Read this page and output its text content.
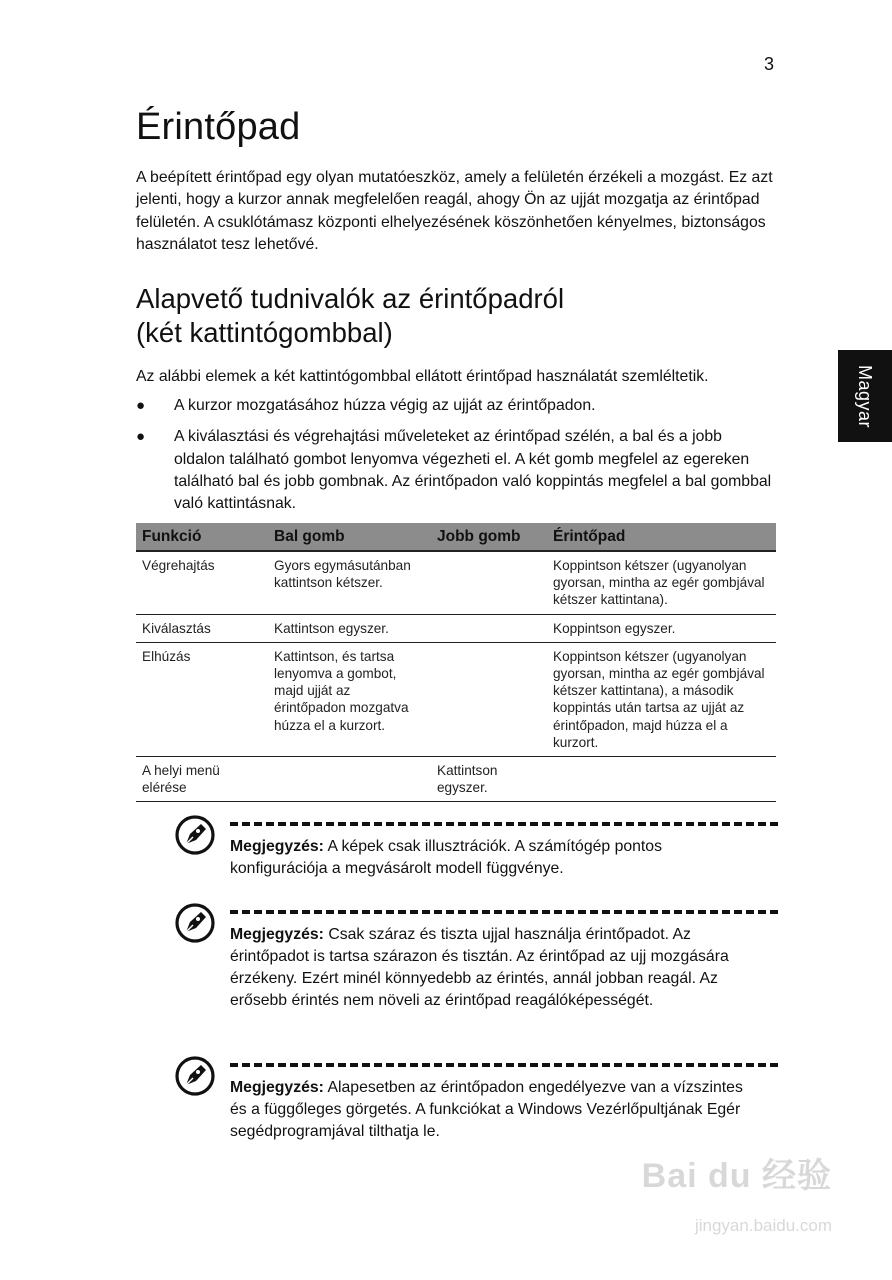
3
Magyar
Érintőpad

A beépített érintőpad egy olyan mutatóeszköz, amely a felületén érzékeli a mozgást. Ez azt jelenti, hogy a kurzor annak megfelelően reagál, ahogy Ön az ujját mozgatja az érintőpad felületén. A csuklótámasz központi elhelyezésének köszönhetően kényelmes, biztonságos használatot tesz lehetővé.

Alapvető tudnivalók az érintőpadról
(két kattintógombbal)

Az alábbi elemek a két kattintógombbal ellátott érintőpad használatát szemléltetik.

● A kurzor mozgatásához húzza végig az ujját az érintőpadon.
● A kiválasztási és végrehajtási műveleteket az érintőpad szélén, a bal és a jobb oldalon található gombot lenyomva végezheti el. A két gomb megfelel az egereken található bal és jobb gombnak. Az érintőpadon való koppintás megfelel a bal gombbal való kattintásnak.
Funkció	Bal gomb	Jobb gomb	Érintőpad
Végrehajtás	Gyors egymásutánban kattintson kétszer.		Koppintson kétszer (ugyanolyan gyorsan, mintha az egér gombjával kétszer kattintana).
Kiválasztás	Kattintson egyszer.		Koppintson egyszer.
Elhúzás	Kattintson, és tartsa lenyomva a gombot, majd ujját az érintőpadon mozgatva húzza el a kurzort.		Koppintson kétszer (ugyanolyan gyorsan, mintha az egér gombjával kétszer kattintana), a második koppintás után tartsa az ujját az érintőpadon, majd húzza el a kurzort.
A helyi menü elérése		Kattintson egyszer.	

Megjegyzés: A képek csak illusztrációk. A számítógép pontos konfigurációja a megvásárolt modell függvénye.

Megjegyzés: Csak száraz és tiszta ujjal használja érintőpadot. Az érintőpadot is tartsa szárazon és tisztán. Az érintőpad az ujj mozgására érzékeny. Ezért minél könnyedebb az érintés, annál jobban reagál. Az erősebb érintés nem növeli az érintőpad reagálóképességét.

Megjegyzés: Alapesetben az érintőpadon engedélyezve van a vízszintes és a függőleges görgetés. A funkciókat a Windows Vezérlőpultjának Egér segédprogramjával tilthatja le.

Bai du 经验
jingyan.baidu.com
